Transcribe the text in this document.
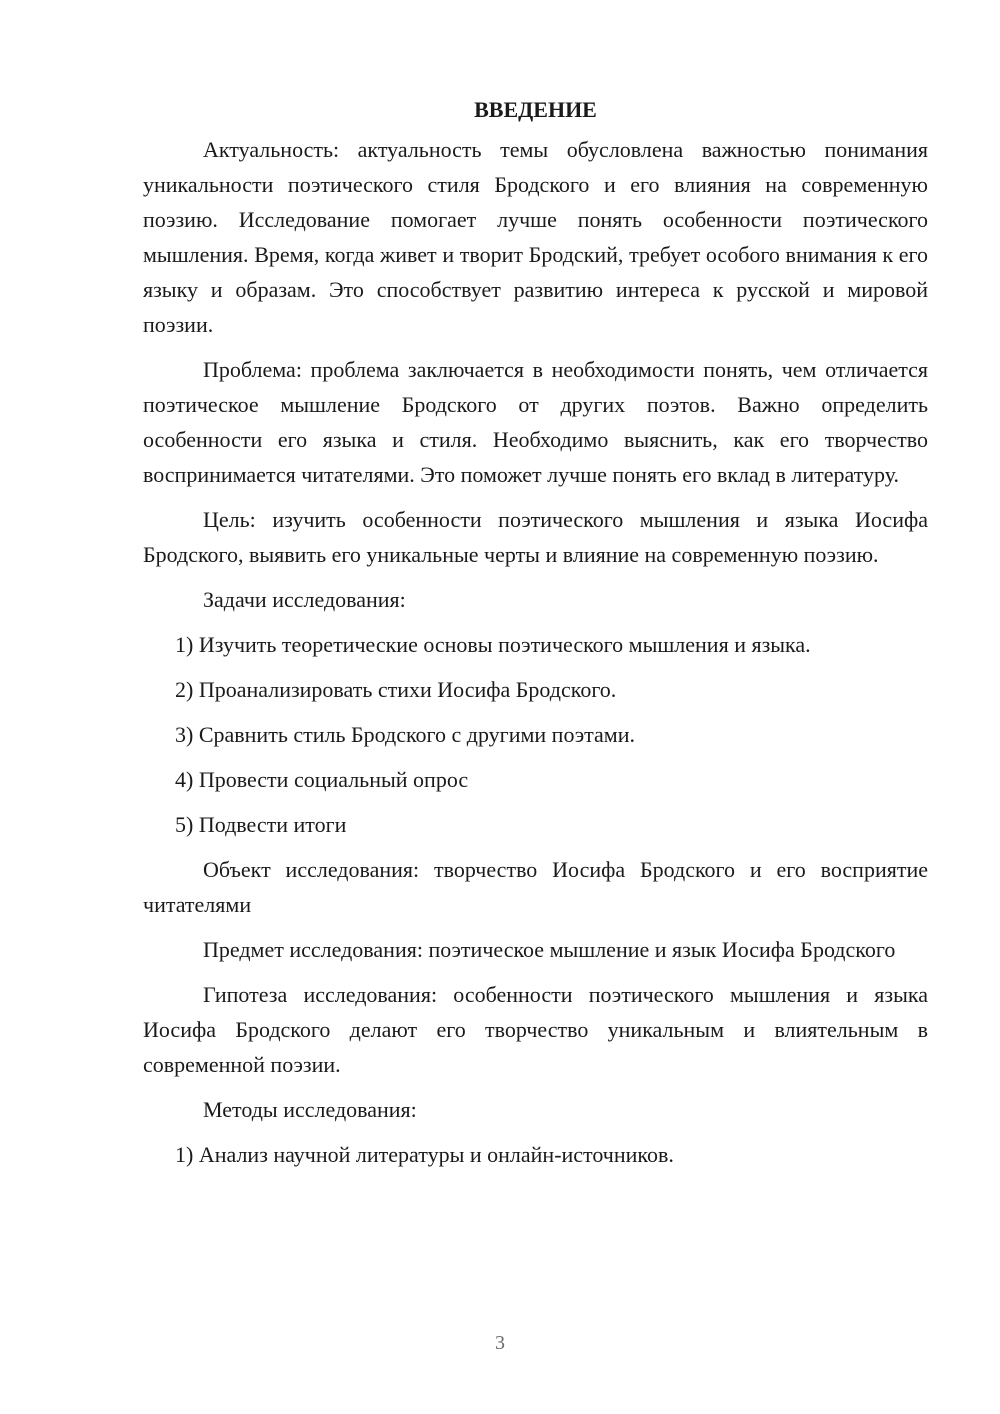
ВВЕДЕНИЕ

Актуальность: актуальность темы обусловлена важностью понимания уникальности поэтического стиля Бродского и его влияния на современную поэзию. Исследование помогает лучше понять особенности поэтического мышления. Время, когда живет и творит Бродский, требует особого внимания к его языку и образам. Это способствует развитию интереса к русской и мировой поэзии.

Проблема: проблема заключается в необходимости понять, чем отличается поэтическое мышление Бродского от других поэтов. Важно определить особенности его языка и стиля. Необходимо выяснить, как его творчество воспринимается читателями. Это поможет лучше понять его вклад в литературу.

Цель: изучить особенности поэтического мышления и языка Иосифа Бродского, выявить его уникальные черты и влияние на современную поэзию.

Задачи исследования:

1) Изучить теоретические основы поэтического мышления и языка.

2) Проанализировать стихи Иосифа Бродского.

3) Сравнить стиль Бродского с другими поэтами.

4) Провести социальный опрос

5) Подвести итоги

Объект исследования: творчество Иосифа Бродского и его восприятие читателями

Предмет исследования: поэтическое мышление и язык Иосифа Бродского

Гипотеза исследования: особенности поэтического мышления и языка Иосифа Бродского делают его творчество уникальным и влиятельным в современной поэзии.

Методы исследования:

1) Анализ научной литературы и онлайн-источников.

3
